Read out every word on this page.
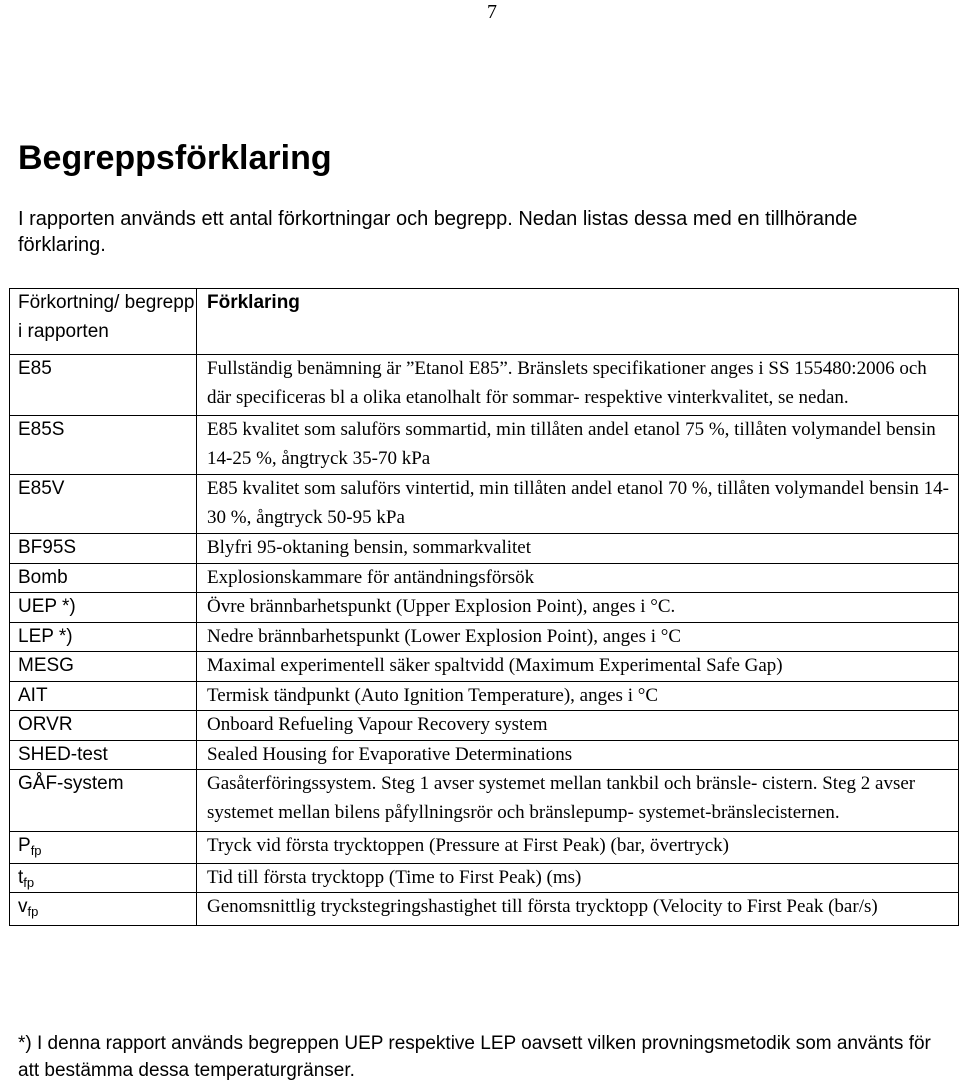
7
Begreppsförklaring

I rapporten används ett antal förkortningar och begrepp. Nedan listas dessa med en tillhörande förklaring.

Förkortning/ begrepp i rapporten	Förklaring
E85	Fullständig benämning är ”Etanol E85”. Bränslets specifikationer anges i SS 155480:2006 och där specificeras bl a olika etanolhalt för sommar- respektive vinterkvalitet, se nedan.
E85S	E85 kvalitet som saluförs sommartid, min tillåten andel etanol 75 %, tillåten volymandel bensin 14-25 %, ångtryck 35-70 kPa
E85V	E85 kvalitet som saluförs vintertid, min tillåten andel etanol 70 %, tillåten volymandel bensin 14-30 %, ångtryck 50-95 kPa
BF95S	Blyfri 95-oktaning bensin, sommarkvalitet
Bomb	Explosionskammare för antändningsförsök
UEP *)	Övre brännbarhetspunkt (Upper Explosion Point), anges i °C.
LEP *)	Nedre brännbarhetspunkt (Lower Explosion Point), anges i °C
MESG	Maximal experimentell säker spaltvidd (Maximum Experimental Safe Gap)
AIT	Termisk tändpunkt (Auto Ignition Temperature), anges i °C
ORVR	Onboard Refueling Vapour Recovery system
SHED-test	Sealed Housing for Evaporative Determinations
GÅF-system	Gasåterföringssystem. Steg 1 avser systemet mellan tankbil och bränsle- cistern. Steg 2 avser systemet mellan bilens påfyllningsrör och bränslepump- systemet-bränslecisternen.
$P_{fp}$	Tryck vid första trycktoppen (Pressure at First Peak) (bar, övertryck)
$t_{fp}$	Tid till första trycktopp (Time to First Peak) (ms)
$v_{fp}$	Genomsnittlig tryckstegringshastighet till första trycktopp (Velocity to First Peak (bar/s)

*) I denna rapport används begreppen UEP respektive LEP oavsett vilken provningsmetodik som använts för att bestämma dessa temperaturgränser.
